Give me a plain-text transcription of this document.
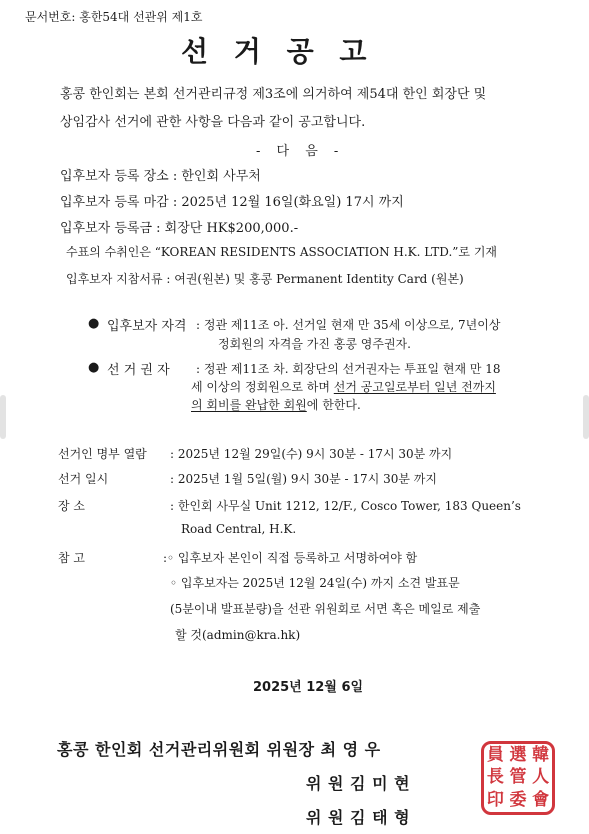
문서번호: 홍한54대 선관위 제1호
선 거 공 고
홍콩 한인회는 본회 선거관리규정 제3조에 의거하여 제54대 한인 회장단 및
상임감사 선거에 관한 사항을 다음과 같이 공고합니다.
- 다 음 -
입후보자 등록 장소 : 한인회 사무처
입후보자 등록 마감 : 2025년 12월 16일(화요일) 17시 까지
입후보자 등록금 : 회장단 HK$200,000.-
수표의 수취인은 “KOREAN RESIDENTS ASSOCIATION H.K. LTD.”로 기재
입후보자 지참서류 : 여권(원본) 및 홍콩 Permanent Identity Card (원본)
● 입후보자 자격 : 정관 제11조 아. 선거일 현재 만 35세 이상으로, 7년이상
정회원의 자격을 가진 홍콩 영주권자.
● 선 거 권 자 : 정관 제11조 차. 회장단의 선거권자는 투표일 현재 만 18
세 이상의 정회원으로 하며 선거 공고일로부터 일년 전까지
의 회비를 완납한 회원에 한한다.
선거인 명부 열람 : 2025년 12월 29일(수) 9시 30분 - 17시 30분 까지
선거 일시	: 2025년 1월 5일(월) 9시 30분 - 17시 30분 까지
장 소	: 한인회 사무실 Unit 1212, 12/F., Cosco Tower, 183 Queen’s
Road Central, H.K.
참 고	:◦ 입후보자 본인이 직접 등록하고 서명하여야 함
◦ 입후보자는 2025년 12월 24일(수) 까지 소견 발표문
(5분이내 발표분량)을 선관 위원회로 서면 혹은 메일로 제출
할 것(admin@kra.hk)
2025년 12월 6일
홍콩 한인회 선거관리위원회 위원장 최 영 우
위 원 김 미 현
위 원 김 태 형
韓
人
會
選
管
委
員
長
印
